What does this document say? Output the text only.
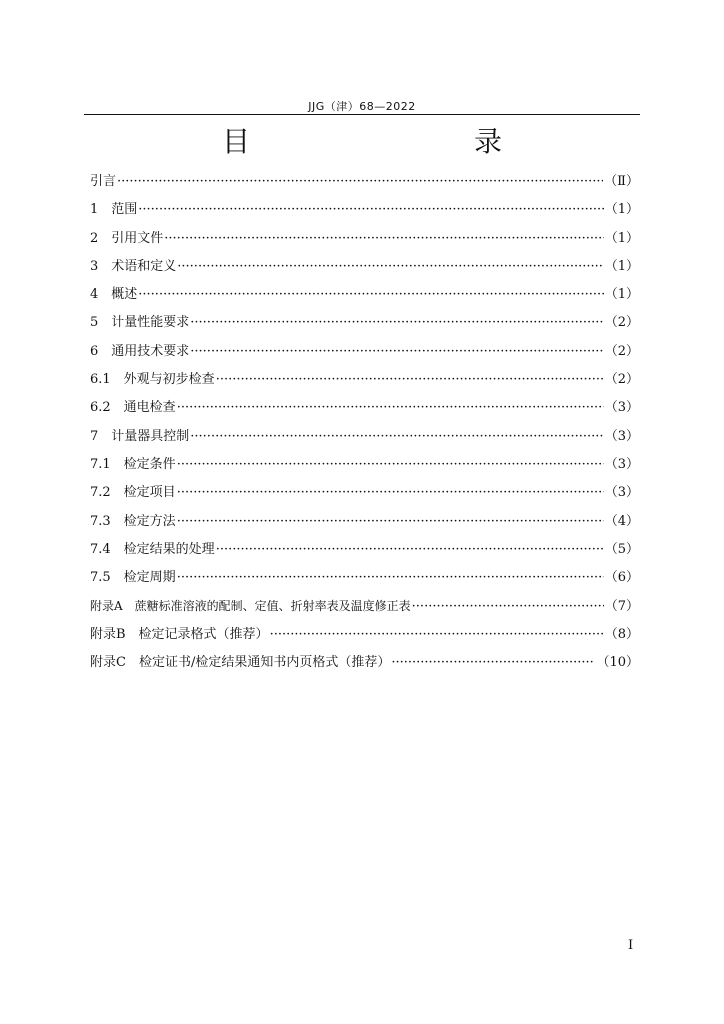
JJG（津）68—2022
目　　录
引言 ·····	（Ⅱ）
1　范围 ·····	（1）
2　引用文件 ·····	（1）
3　术语和定义 ·····	（1）
4　概述 ·····	（1）
5　计量性能要求 ·····	（2）
6　通用技术要求 ·····	（2）
6.1　外观与初步检查 ·····	（2）
6.2　通电检查 ·····	（3）
7　计量器具控制 ·····	（3）
7.1　检定条件 ·····	（3）
7.2　检定项目 ·····	（3）
7.3　检定方法 ·····	（4）
7.4　检定结果的处理 ·····	（5）
7.5　检定周期 ·····	（6）
附录A　蔗糖标准溶液的配制、定值、折射率表及温度修正表 ·····	（7）
附录B　检定记录格式（推荐） ·····	（8）
附录C　检定证书/检定结果通知书内页格式（推荐） ·····	（10）
I
